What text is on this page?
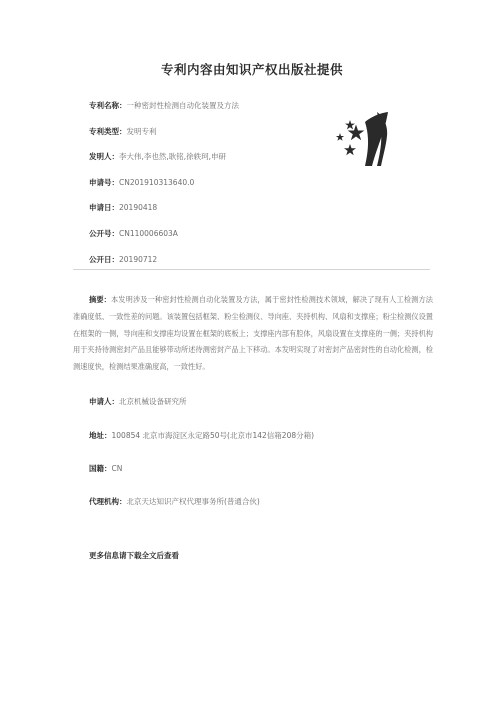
专利内容由知识产权出版社提供
专利名称：一种密封性检测自动化装置及方法
专利类型：发明专利
发明人：李大伟,李也然,耿铭,徐轶珂,申研
申请号：CN201910313640.0
申请日：20190418
公开号：CN110006603A
公开日：20190712
摘要：本发明涉及一种密封性检测自动化装置及方法，属于密封性检测技术领域，解决了现有人工检测方法准确度低、一致性差的问题。该装置包括框架、粉尘检测仪、导向座、夹持机构、风扇和支撑座；粉尘检测仪设置在框架的一侧，导向座和支撑座均设置在框架的底板上；支撑座内部有腔体，风扇设置在支撑座的一侧；夹持机构用于夹持待测密封产品且能够带动所述待测密封产品上下移动。本发明实现了对密封产品密封性的自动化检测，检测速度快，检测结果准确度高，一致性好。
申请人：北京机械设备研究所
地址：100854 北京市海淀区永定路50号(北京市142信箱208分箱)
国籍：CN
代理机构：北京天达知识产权代理事务所(普通合伙)
更多信息请下载全文后查看
